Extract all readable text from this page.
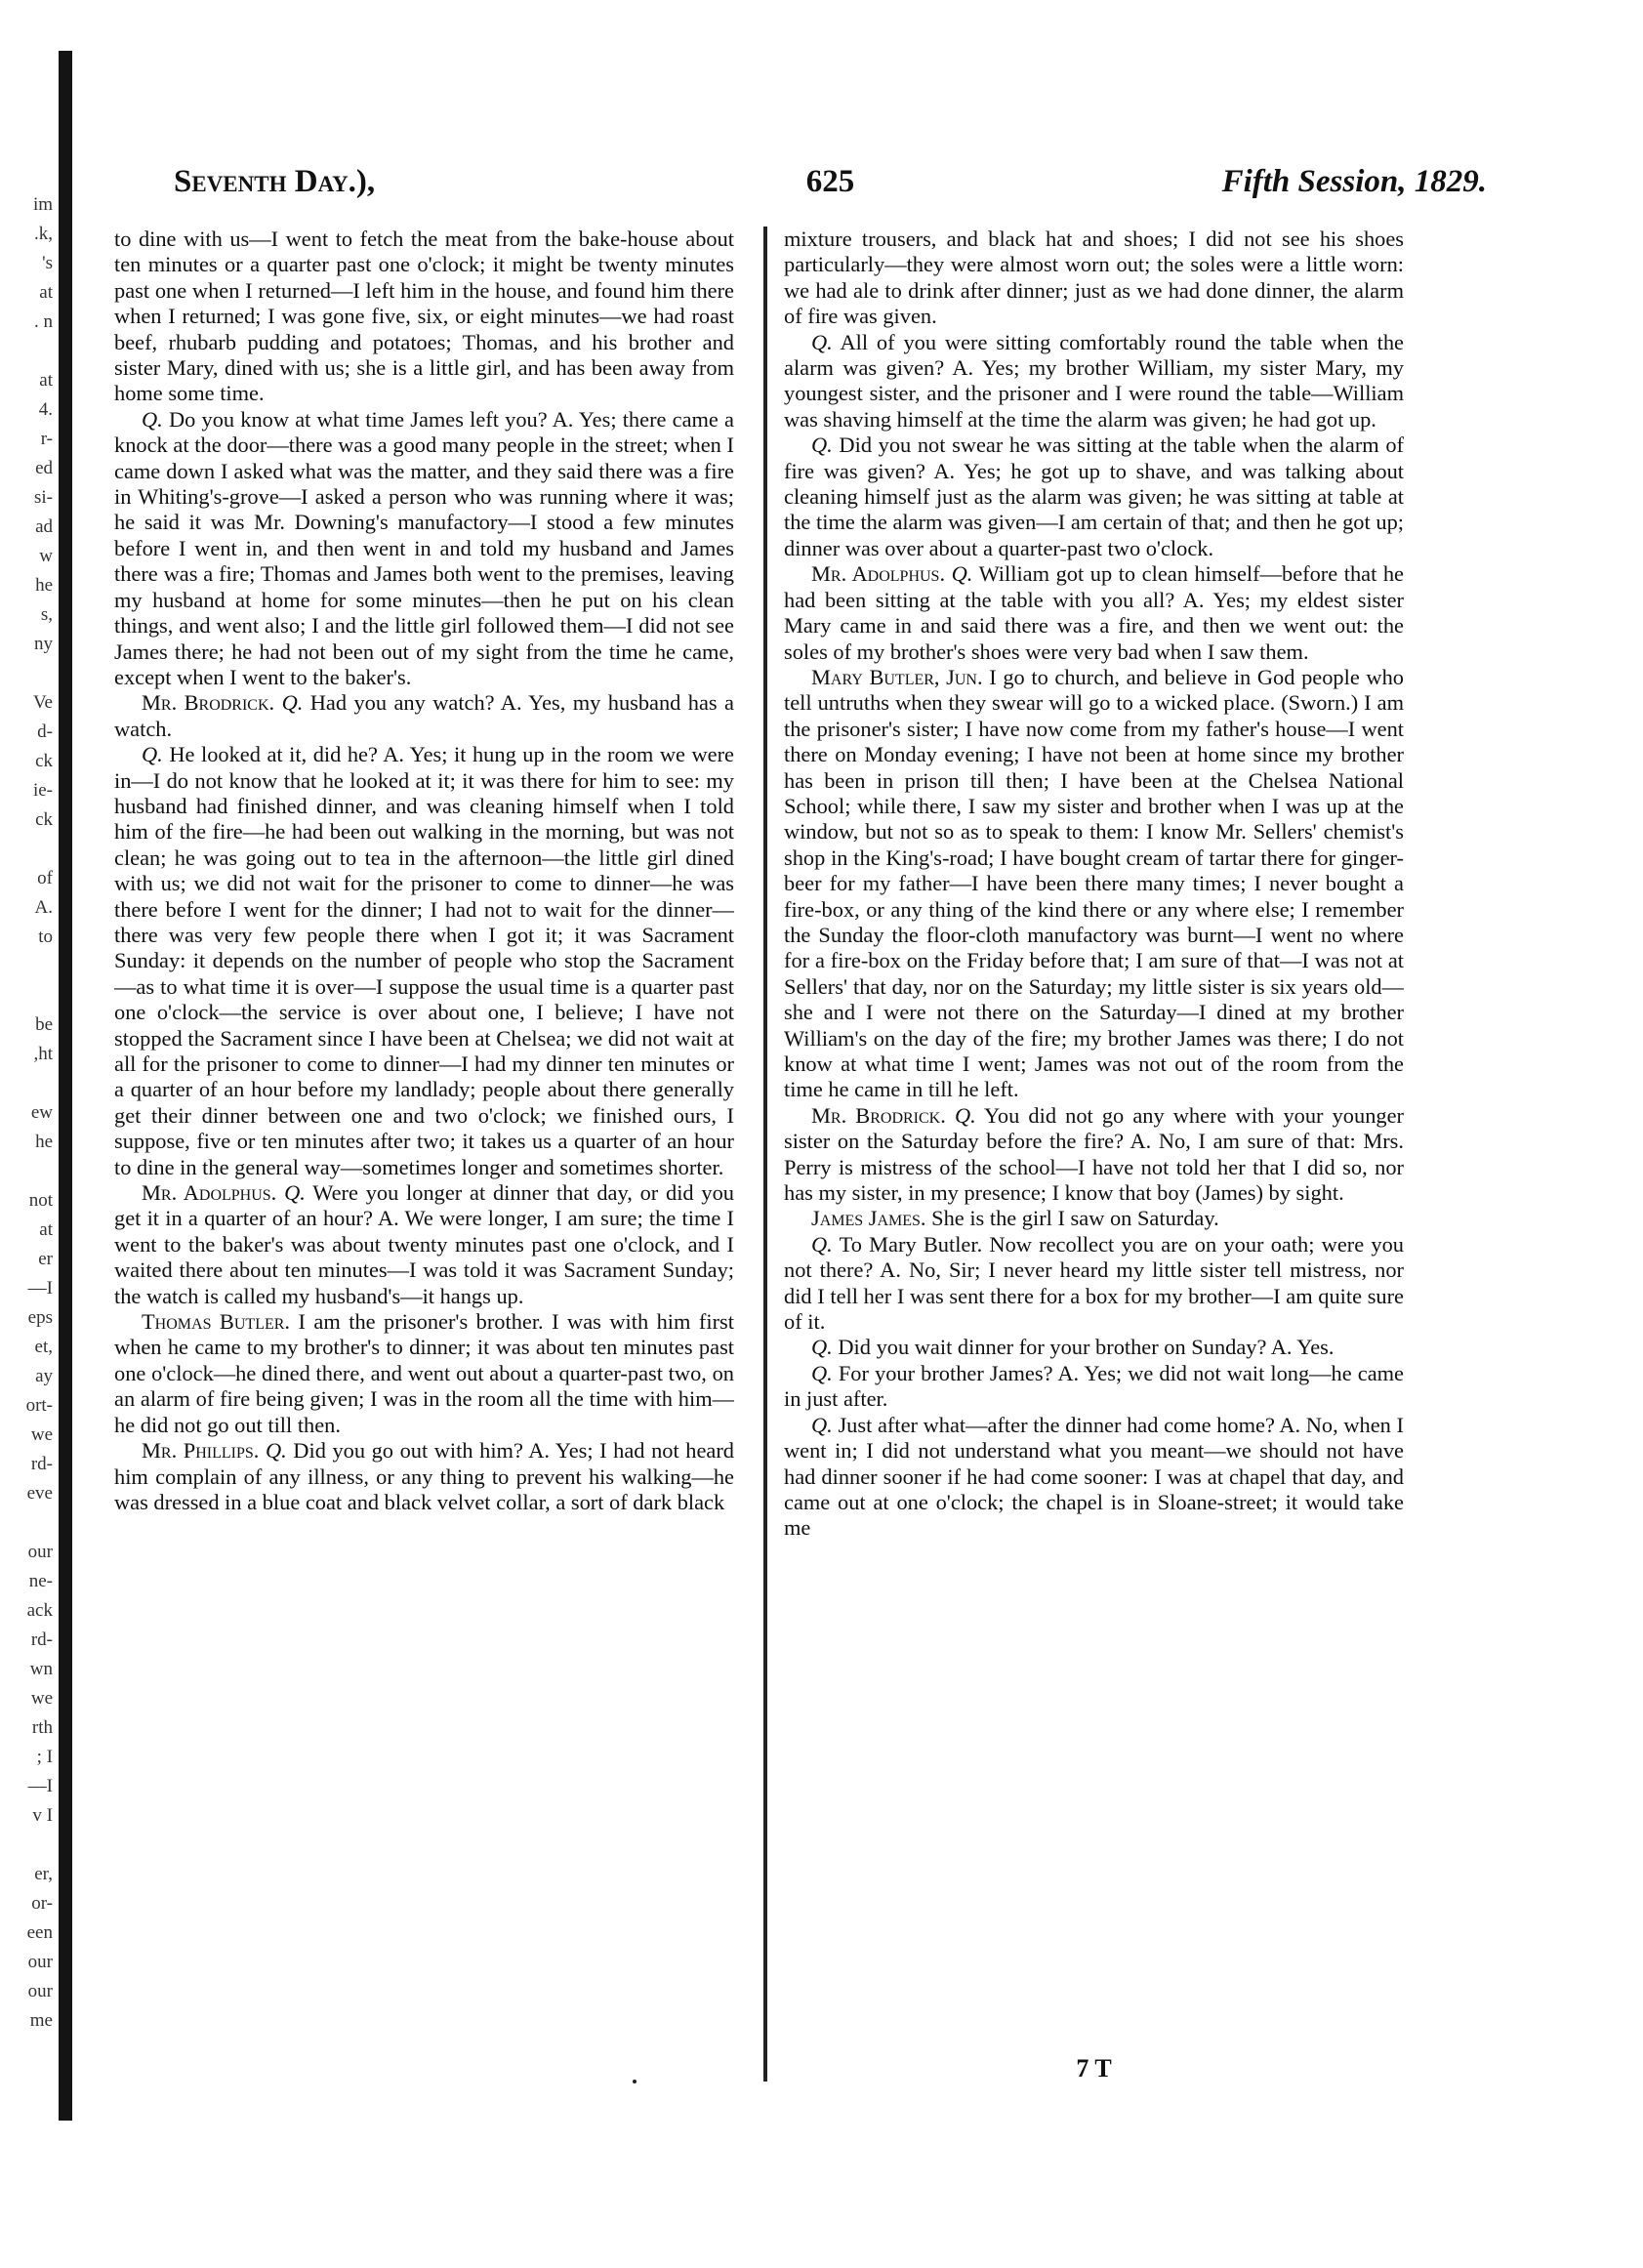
im
.k,
's
at
. n
at
4.
r-
ed
si-
ad
w
he
s,
ny
Ve
d-
ck
ie-
ck
of
A.
to
be
,ht
ew
he
not
at
er
—I
eps
et,
ay
ort-
we
rd-
eve
our
ne-
ack
rd-
wn
we
rth
; I
—I
v I
er,
or-
een
our
our
me
Seventh Day.),	625	Fifth Session, 1829.

to dine with us—I went to fetch the meat from the bake-house about ten minutes or a quarter past one o'clock; it might be twenty minutes past one when I returned—I left him in the house, and found him there when I returned; I was gone five, six, or eight minutes—we had roast beef, rhubarb pudding and potatoes; Thomas, and his brother and sister Mary, dined with us; she is a little girl, and has been away from home some time.

Q. Do you know at what time James left you? A. Yes; there came a knock at the door—there was a good many people in the street; when I came down I asked what was the matter, and they said there was a fire in Whiting's-grove—I asked a person who was running where it was; he said it was Mr. Downing's manufactory—I stood a few minutes before I went in, and then went in and told my husband and James there was a fire; Thomas and James both went to the premises, leaving my husband at home for some minutes—then he put on his clean things, and went also; I and the little girl followed them—I did not see James there; he had not been out of my sight from the time he came, except when I went to the baker's.

Mr. Brodrick. Q. Had you any watch? A. Yes, my husband has a watch.

Q. He looked at it, did he? A. Yes; it hung up in the room we were in—I do not know that he looked at it; it was there for him to see: my husband had finished dinner, and was cleaning himself when I told him of the fire—he had been out walking in the morning, but was not clean; he was going out to tea in the afternoon—the little girl dined with us; we did not wait for the prisoner to come to dinner—he was there before I went for the dinner; I had not to wait for the dinner—there was very few people there when I got it; it was Sacrament Sunday: it depends on the number of people who stop the Sacrament—as to what time it is over—I suppose the usual time is a quarter past one o'clock—the service is over about one, I believe; I have not stopped the Sacrament since I have been at Chelsea; we did not wait at all for the prisoner to come to dinner—I had my dinner ten minutes or a quarter of an hour before my landlady; people about there generally get their dinner between one and two o'clock; we finished ours, I suppose, five or ten minutes after two; it takes us a quarter of an hour to dine in the general way—sometimes longer and sometimes shorter.

Mr. Adolphus. Q. Were you longer at dinner that day, or did you get it in a quarter of an hour? A. We were longer, I am sure; the time I went to the baker's was about twenty minutes past one o'clock, and I waited there about ten minutes—I was told it was Sacrament Sunday; the watch is called my husband's—it hangs up.

Thomas Butler. I am the prisoner's brother. I was with him first when he came to my brother's to dinner; it was about ten minutes past one o'clock—he dined there, and went out about a quarter-past two, on an alarm of fire being given; I was in the room all the time with him—he did not go out till then.

Mr. Phillips. Q. Did you go out with him? A. Yes; I had not heard him complain of any illness, or any thing to prevent his walking—he was dressed in a blue coat and black velvet collar, a sort of dark black

mixture trousers, and black hat and shoes; I did not see his shoes particularly—they were almost worn out; the soles were a little worn: we had ale to drink after dinner; just as we had done dinner, the alarm of fire was given.

Q. All of you were sitting comfortably round the table when the alarm was given? A. Yes; my brother William, my sister Mary, my youngest sister, and the prisoner and I were round the table—William was shaving himself at the time the alarm was given; he had got up.

Q. Did you not swear he was sitting at the table when the alarm of fire was given? A. Yes; he got up to shave, and was talking about cleaning himself just as the alarm was given; he was sitting at table at the time the alarm was given—I am certain of that; and then he got up; dinner was over about a quarter-past two o'clock.

Mr. Adolphus. Q. William got up to clean himself—before that he had been sitting at the table with you all? A. Yes; my eldest sister Mary came in and said there was a fire, and then we went out: the soles of my brother's shoes were very bad when I saw them.

Mary Butler, Jun. I go to church, and believe in God people who tell untruths when they swear will go to a wicked place. (Sworn.) I am the prisoner's sister; I have now come from my father's house—I went there on Monday evening; I have not been at home since my brother has been in prison till then; I have been at the Chelsea National School; while there, I saw my sister and brother when I was up at the window, but not so as to speak to them: I know Mr. Sellers' chemist's shop in the King's-road; I have bought cream of tartar there for ginger-beer for my father—I have been there many times; I never bought a fire-box, or any thing of the kind there or any where else; I remember the Sunday the floor-cloth manufactory was burnt—I went no where for a fire-box on the Friday before that; I am sure of that—I was not at Sellers' that day, nor on the Saturday; my little sister is six years old—she and I were not there on the Saturday—I dined at my brother William's on the day of the fire; my brother James was there; I do not know at what time I went; James was not out of the room from the time he came in till he left.

Mr. Brodrick. Q. You did not go any where with your younger sister on the Saturday before the fire? A. No, I am sure of that: Mrs. Perry is mistress of the school—I have not told her that I did so, nor has my sister, in my presence; I know that boy (James) by sight.

James James. She is the girl I saw on Saturday.

Q. To Mary Butler. Now recollect you are on your oath; were you not there? A. No, Sir; I never heard my little sister tell mistress, nor did I tell her I was sent there for a box for my brother—I am quite sure of it.

Q. Did you wait dinner for your brother on Sunday? A. Yes.

Q. For your brother James? A. Yes; we did not wait long—he came in just after.

Q. Just after what—after the dinner had come home? A. No, when I went in; I did not understand what you meant—we should not have had dinner sooner if he had come sooner: I was at chapel that day, and came out at one o'clock; the chapel is in Sloane-street; it would take me

7 T
